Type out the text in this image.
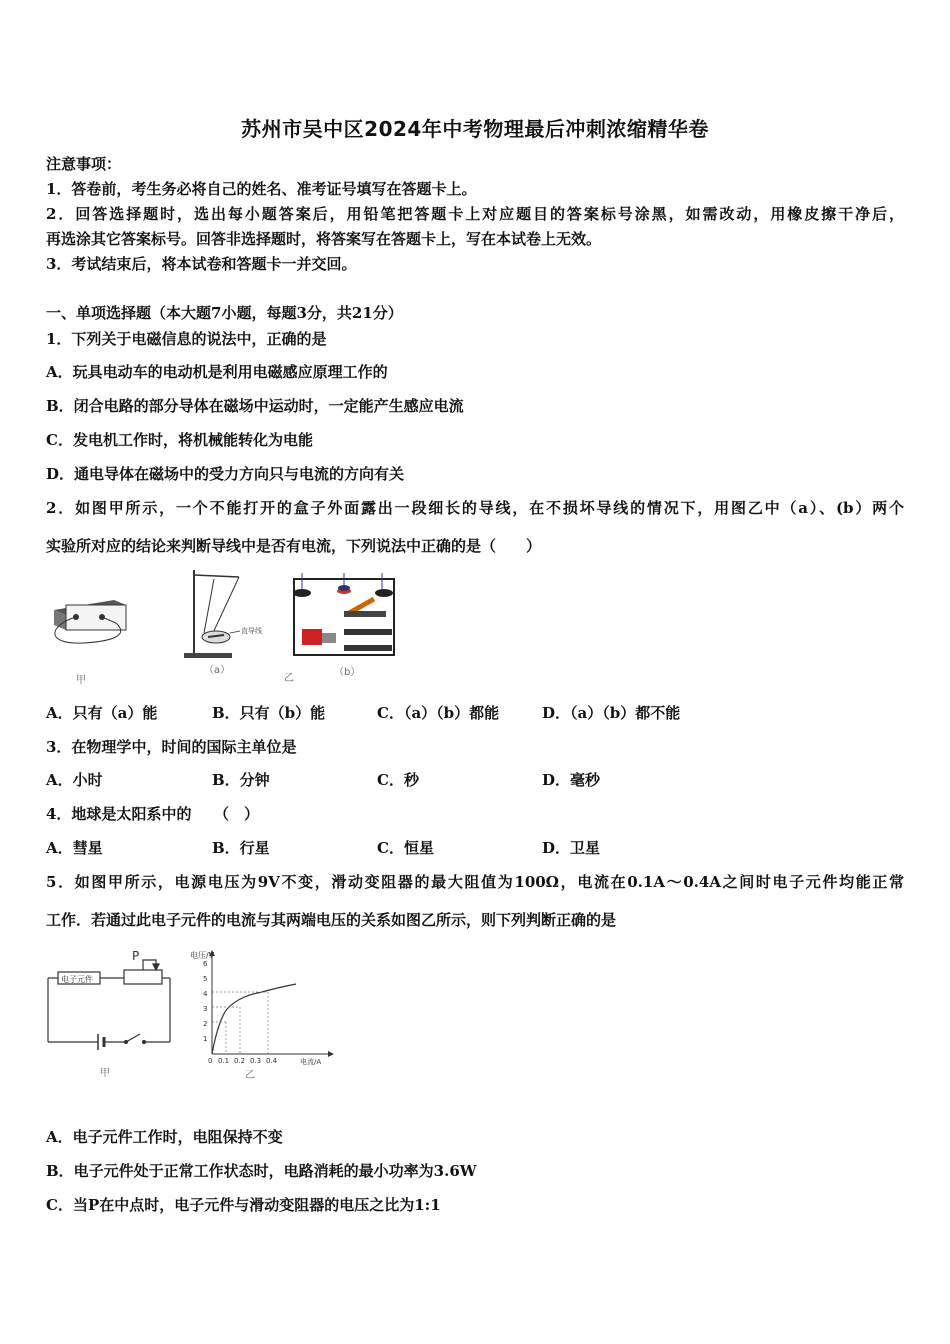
苏州市吴中区2024年中考物理最后冲刺浓缩精华卷
注意事项：
1．答卷前，考生务必将自己的姓名、准考证号填写在答题卡上。
2．回答选择题时，选出每小题答案后，用铅笔把答题卡上对应题目的答案标号涂黑，如需改动，用橡皮擦干净后，
再选涂其它答案标号。回答非选择题时，将答案写在答题卡上，写在本试卷上无效。
3．考试结束后，将本试卷和答题卡一并交回。
一、单项选择题（本大题7小题，每题3分，共21分）
1．下列关于电磁信息的说法中，正确的是
A．玩具电动车的电动机是利用电磁感应原理工作的
B．闭合电路的部分导体在磁场中运动时，一定能产生感应电流
C．发电机工作时，将机械能转化为电能
D．通电导体在磁场中的受力方向只与电流的方向有关
2．如图甲所示，一个不能打开的盒子外面露出一段细长的导线，在不损坏导线的情况下，用图乙中（a）、(b）两个
实验所对应的结论来判断导线中是否有电流，下列说法中正确的是（　　）
甲
直导线
（a）
乙
（b）
A．只有（a）能	B．只有（b）能	C．（a）（b）都能	D．（a）（b）都不能
3．在物理学中，时间的国际主单位是
A．小时	B．分钟	C．秒	D．毫秒
4．地球是太阳系中的　　（　）
A．彗星	B．行星	C．恒星	D．卫星
5．如图甲所示，电源电压为9V不变，滑动变阻器的最大阻值为100Ω，电流在0.1A～0.4A之间时电子元件均能正常
工作．若通过此电子元件的电流与其两端电压的关系如图乙所示，则下列判断正确的是
电子元件
P
甲
电压/V
电流/A
1
2
3
4
5
6
0 0.1 0.2 0.3 0.4
乙
A．电子元件工作时，电阻保持不变
B．电子元件处于正常工作状态时，电路消耗的最小功率为3.6W
C．当P在中点时，电子元件与滑动变阻器的电压之比为1:1
